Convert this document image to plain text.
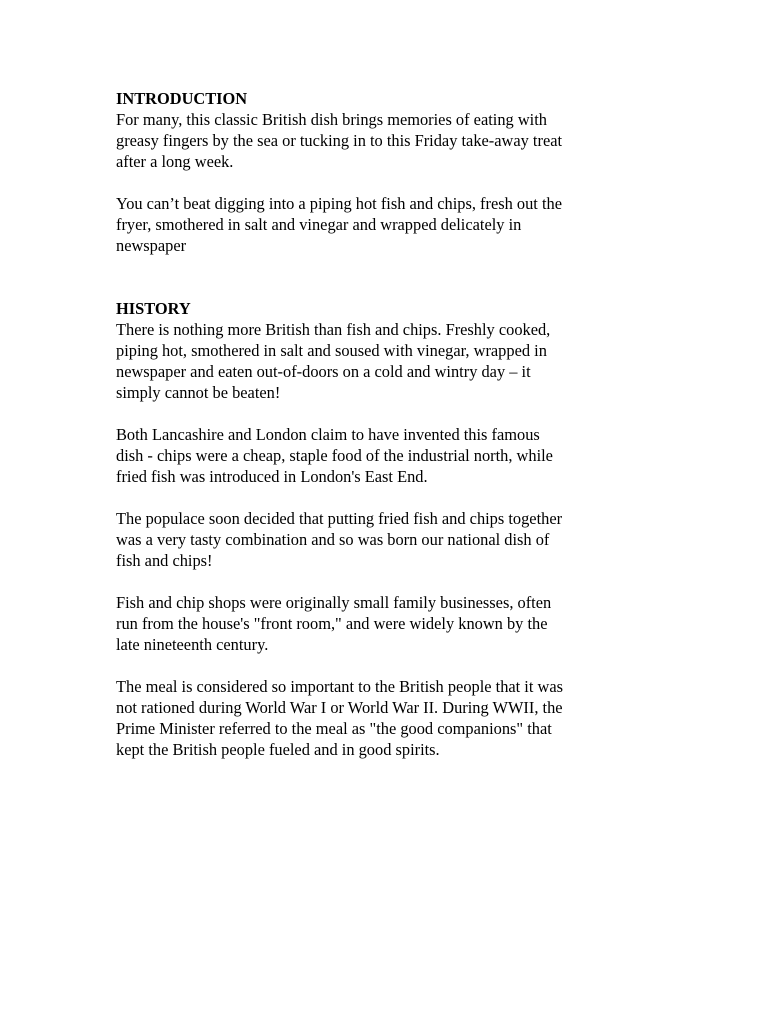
INTRODUCTION
For many, this classic British dish brings memories of eating with
greasy fingers by the sea or tucking in to this Friday take-away treat
after a long week.
You can’t beat digging into a piping hot fish and chips, fresh out the
fryer, smothered in salt and vinegar and wrapped delicately in
newspaper
HISTORY
There is nothing more British than fish and chips. Freshly cooked,
piping hot, smothered in salt and soused with vinegar, wrapped in
newspaper and eaten out-of-doors on a cold and wintry day – it
simply cannot be beaten!
Both Lancashire and London claim to have invented this famous
dish - chips were a cheap, staple food of the industrial north, while
fried fish was introduced in London's East End.
The populace soon decided that putting fried fish and chips together
was a very tasty combination and so was born our national dish of
fish and chips!
Fish and chip shops were originally small family businesses, often
run from the house's "front room," and were widely known by the
late nineteenth century.
The meal is considered so important to the British people that it was
not rationed during World War I or World War II. During WWII, the
Prime Minister referred to the meal as "the good companions" that
kept the British people fueled and in good spirits.
